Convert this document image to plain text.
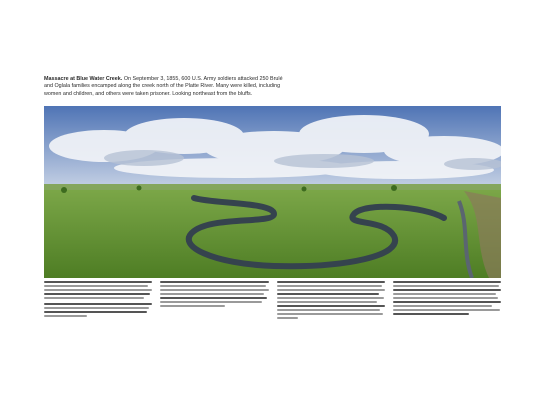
Massacre at Blue Water Creek. On September 3, 1855, 600 U.S. Army soldiers attacked 250 Brulé and Oglala families encamped along the creek north of the Platte River. Many were killed, including women and children, and others were taken prisoner. Looking northeast from the bluffs.
